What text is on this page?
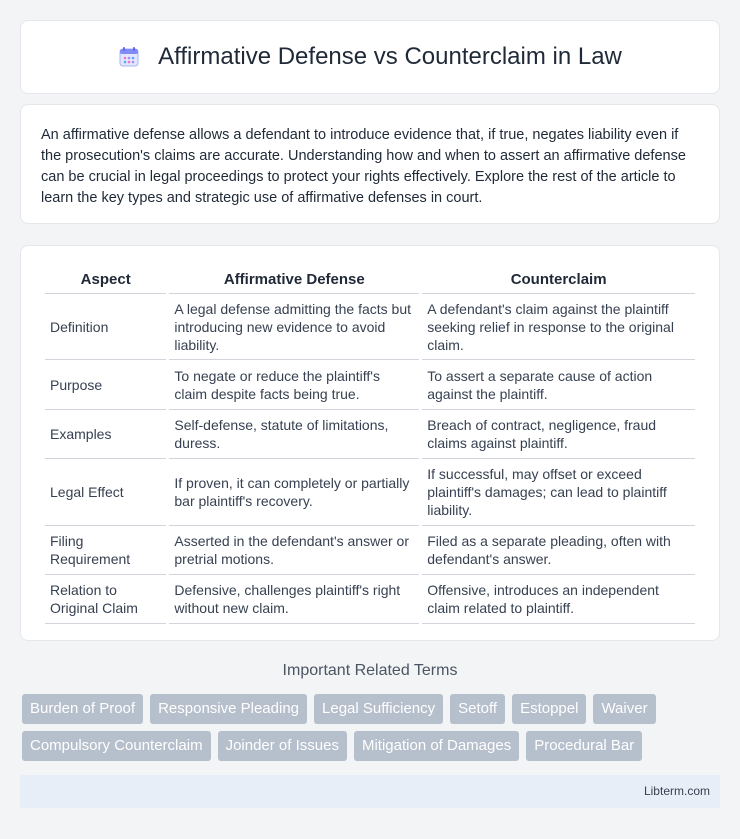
Affirmative Defense vs Counterclaim in Law

An affirmative defense allows a defendant to introduce evidence that, if true, negates liability even if the prosecution's claims are accurate. Understanding how and when to assert an affirmative defense can be crucial in legal proceedings to protect your rights effectively. Explore the rest of the article to learn the key types and strategic use of affirmative defenses in court.

Aspect	Affirmative Defense	Counterclaim
Definition	A legal defense admitting the facts but introducing new evidence to avoid liability.	A defendant's claim against the plaintiff seeking relief in response to the original claim.
Purpose	To negate or reduce the plaintiff's claim despite facts being true.	To assert a separate cause of action against the plaintiff.
Examples	Self-defense, statute of limitations, duress.	Breach of contract, negligence, fraud claims against plaintiff.
Legal Effect	If proven, it can completely or partially bar plaintiff's recovery.	If successful, may offset or exceed plaintiff's damages; can lead to plaintiff liability.
Filing Requirement	Asserted in the defendant's answer or pretrial motions.	Filed as a separate pleading, often with defendant's answer.
Relation to Original Claim	Defensive, challenges plaintiff's right without new claim.	Offensive, introduces an independent claim related to plaintiff.
Important Related Terms
Burden of Proof	Responsive Pleading	Legal Sufficiency	Setoff	Estoppel	Waiver
Compulsory Counterclaim	Joinder of Issues	Mitigation of Damages	Procedural Bar
Libterm.com
